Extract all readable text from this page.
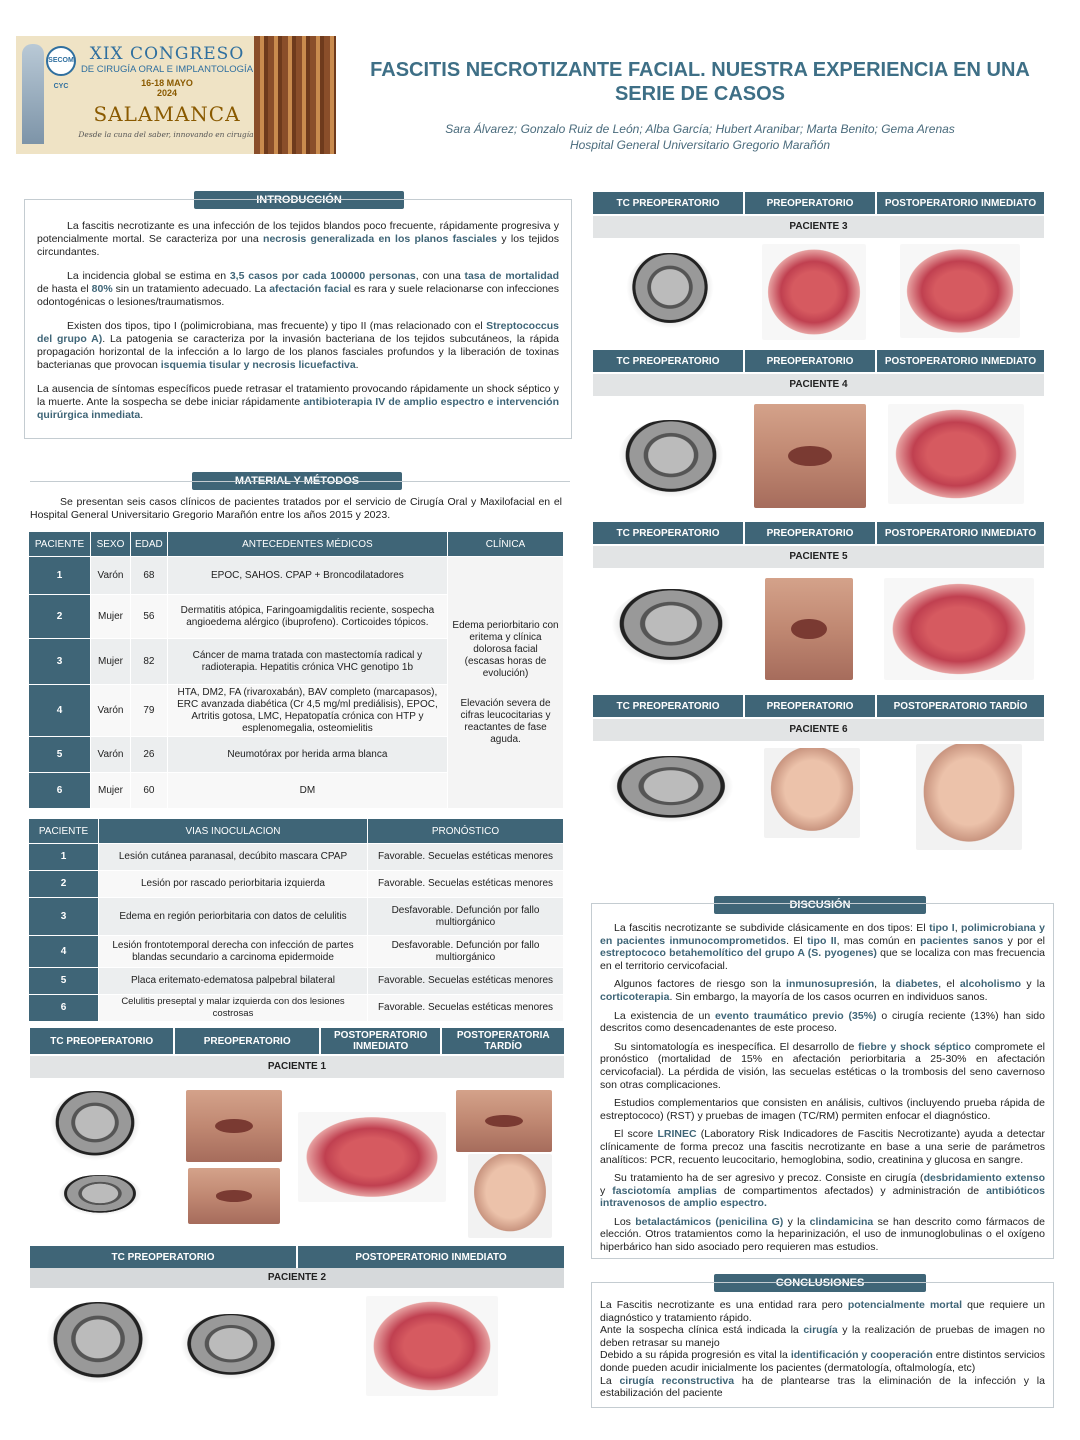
SECOM CYC
XIX CONGRESO
DE CIRUGÍA ORAL E IMPLANTOLOGÍA
16-18 MAYO
2024
SALAMANCA
Desde la cuna del saber, innovando en cirugía
FASCITIS NECROTIZANTE FACIAL. NUESTRA EXPERIENCIA EN UNA SERIE DE CASOS
Sara Álvarez; Gonzalo Ruiz de León; Alba García; Hubert Aranibar; Marta Benito; Gema Arenas
Hospital General Universitario Gregorio Marañón
INTRODUCCIÓN

La fascitis necrotizante es una infección de los tejidos blandos poco frecuente, rápidamente progresiva y potencialmente mortal. Se caracteriza por una necrosis generalizada en los planos fasciales y los tejidos circundantes.

La incidencia global se estima en 3,5 casos por cada 100000 personas, con una tasa de mortalidad de hasta el 80% sin un tratamiento adecuado. La afectación facial es rara y suele relacionarse con infecciones odontogénicas o lesiones/traumatismos.

Existen dos tipos, tipo I (polimicrobiana, mas frecuente) y tipo II (mas relacionado con el Streptococcus del grupo A). La patogenia se caracteriza por la invasión bacteriana de los tejidos subcutáneos, la rápida propagación horizontal de la infección a lo largo de los planos fasciales profundos y la liberación de toxinas bacterianas que provocan isquemia tisular y necrosis licuefactiva.

La ausencia de síntomas específicos puede retrasar el tratamiento provocando rápidamente un shock séptico y la muerte. Ante la sospecha se debe iniciar rápidamente antibioterapia IV de amplio espectro e intervención quirúrgica inmediata.

MATERIAL Y MÉTODOS
Se presentan seis casos clínicos de pacientes tratados por el servicio de Cirugía Oral y Maxilofacial en el Hospital General Universitario Gregorio Marañón entre los años 2015 y 2023.
PACIENTE	SEXO	EDAD	ANTECEDENTES MÉDICOS	CLÍNICA
1	Varón	68	EPOC, SAHOS. CPAP + Broncodilatadores	Edema periorbitario con eritema y clínica dolorosa facial (escasas horas de evolución)
Elevación severa de cifras leucocitarias y reactantes de fase aguda.

2	Mujer	56	Dermatitis atópica, Faringoamigdalitis reciente, sospecha angioedema alérgico (ibuprofeno). Corticoides tópicos.	
3	Mujer	82	Cáncer de mama tratada con mastectomía radical y radioterapia. Hepatitis crónica VHC genotipo 1b	
4	Varón	79	HTA, DM2, FA (rivaroxabán), BAV completo (marcapasos), ERC avanzada diabética (Cr 4,5 mg/ml prediálisis), EPOC, Artritis gotosa, LMC, Hepatopatía crónica con HTP y esplenomegalia, osteomielitis	
5	Varón	26	Neumotórax por herida arma blanca	
6	Mujer	60	DM	
PACIENTE	VIAS INOCULACION	PRONÓSTICO
1	Lesión cutánea paranasal, decúbito mascara CPAP	Favorable. Secuelas estéticas menores
2	Lesión por rascado periorbitaria izquierda	Favorable. Secuelas estéticas menores
3	Edema en región periorbitaria con datos de celulitis	Desfavorable. Defunción por fallo multiorgánico
4	Lesión frontotemporal derecha con infección de partes blandas secundario a carcinoma epidermoide	Desfavorable. Defunción por fallo multiorgánico
5	Placa eritemato-edematosa palpebral bilateral	Favorable. Secuelas estéticas menores
6	Celulitis preseptal y malar izquierda con dos lesiones costrosas	Favorable. Secuelas estéticas menores
TC PREOPERATORIO	PREOPERATORIO	POSTOPERATORIO INMEDIATO
POSTOPERATORIA TARDÍO
PACIENTE 1
TC PREOPERATORIO	POSTOPERATORIO INMEDIATO
PACIENTE 2
TC PREOPERATORIO	PREOPERATORIO	POSTOPERATORIO INMEDIATO
PACIENTE 3
TC PREOPERATORIO	PREOPERATORIO	POSTOPERATORIO INMEDIATO
PACIENTE 4
TC PREOPERATORIO	PREOPERATORIO	POSTOPERATORIO INMEDIATO
PACIENTE 5
TC PREOPERATORIO	PREOPERATORIO	POSTOPERATORIO TARDÍO
PACIENTE 6
DISCUSIÓN

La fascitis necrotizante se subdivide clásicamente en dos tipos: El tipo I, polimicrobiana y en pacientes inmunocomprometidos. El tipo II, mas común en pacientes sanos y por el estreptococo betahemolítico del grupo A (S. pyogenes) que se localiza con mas frecuencia en el territorio cervicofacial.

Algunos factores de riesgo son la inmunosupresión, la diabetes, el alcoholismo y la corticoterapia. Sin embargo, la mayoría de los casos ocurren en individuos sanos.

La existencia de un evento traumático previo (35%) o cirugía reciente (13%) han sido descritos como desencadenantes de este proceso.

Su sintomatología es inespecífica. El desarrollo de fiebre y shock séptico compromete el pronóstico (mortalidad de 15% en afectación periorbitaria a 25-30% en afectación cervicofacial). La pérdida de visión, las secuelas estéticas o la trombosis del seno cavernoso son otras complicaciones.

Estudios complementarios que consisten en análisis, cultivos (incluyendo prueba rápida de estreptococo) (RST) y pruebas de imagen (TC/RM) permiten enfocar el diagnóstico.

El score LRINEC (Laboratory Risk Indicadores de Fascitis Necrotizante) ayuda a detectar clínicamente de forma precoz una fascitis necrotizante en base a una serie de parámetros analíticos: PCR, recuento leucocitario, hemoglobina, sodio, creatinina y glucosa en sangre.

Su tratamiento ha de ser agresivo y precoz. Consiste en cirugía (desbridamiento extenso y fasciotomía amplias de compartimentos afectados) y administración de antibióticos intravenosos de amplio espectro.

Los betalactámicos (penicilina G) y la clindamicina se han descrito como fármacos de elección. Otros tratamientos como la heparinización, el uso de inmunoglobulinas o el oxígeno hiperbárico han sido asociado pero requieren mas estudios.

CONCLUSIONES

La Fascitis necrotizante es una entidad rara pero potencialmente mortal que requiere un diagnóstico y tratamiento rápido.

Ante la sospecha clínica está indicada la cirugía y la realización de pruebas de imagen no deben retrasar su manejo

Debido a su rápida progresión es vital la identificación y cooperación entre distintos servicios donde pueden acudir inicialmente los pacientes (dermatología, oftalmología, etc)

La cirugía reconstructiva ha de plantearse tras la eliminación de la infección y la estabilización del paciente
